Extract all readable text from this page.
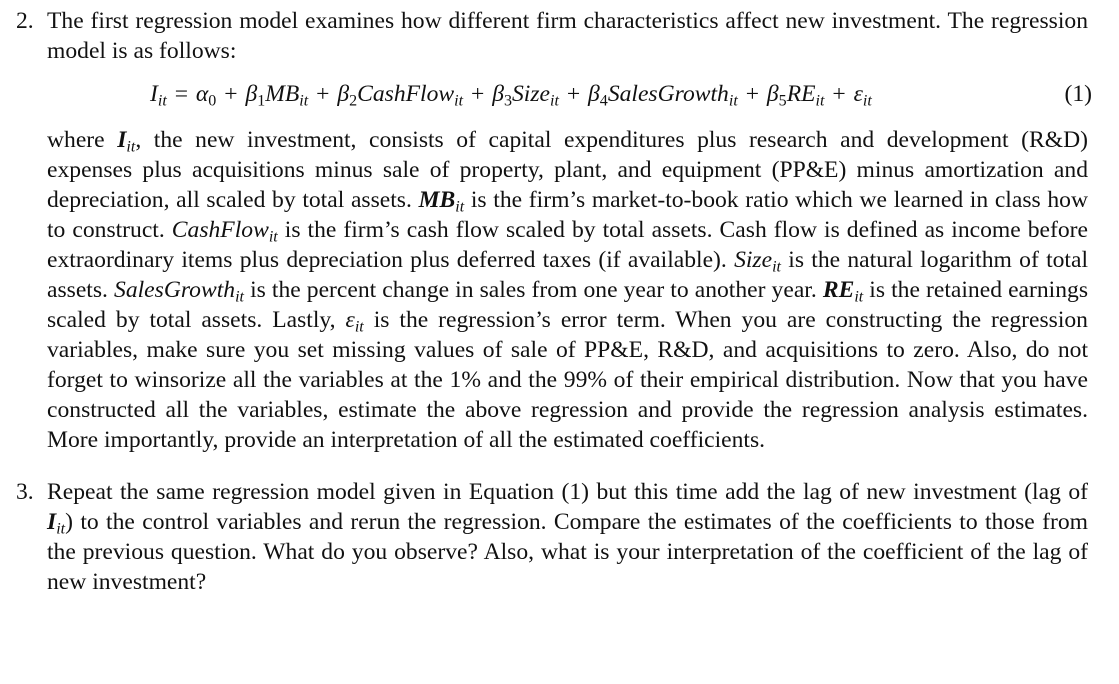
2. The first regression model examines how different firm characteristics affect new investment. The regression model is as follows:

$I_{it} = \alpha_0 + \beta_1MB_{it}$ + $\beta_2CashFlow_{it}$ + $\beta_3Size_{it}$ + $\beta_4SalesGrowth_{it} + \beta_5RE_{it} + \varepsilon_{it}$	(1)

where $I_{it}$, the new investment, consists of capital expenditures plus research and development (R&D) expenses plus acquisitions minus sale of property, plant, and equipment (PP&E) minus amortization and depreciation, all scaled by total assets. $MB_{it}$ is the firm’s market-to-book ratio which we learned in class how to construct. CashFlow$_{it}$ is the firm’s cash flow scaled by total assets. Cash flow is defined as income before extraordinary items plus depreciation plus deferred taxes (if available). Size$_{it}$ is the natural logarithm of total assets. SalesGrowth$_{it}$ is the percent change in sales from one year to another year. $RE_{it}$ is the retained earnings scaled by total assets. Lastly, $\varepsilon_{it}$ is the regression’s error term. When you are constructing the regression variables, make sure you set missing values of sale of PP&E, R&D, and acquisitions to zero. Also, do not forget to winsorize all the variables at the 1% and the 99% of their empirical distribution. Now that you have constructed all the variables, estimate the above regression and provide the regression analysis estimates. More importantly, provide an interpretation of all the estimated coefficients.

3. Repeat the same regression model given in Equation (1) but this time add the lag of new investment (lag of $I_{it}$) to the control variables and rerun the regression. Compare the estimates of the coefficients to those from the previous question. What do you observe? Also, what is your interpretation of the coefficient of the lag of new investment?
